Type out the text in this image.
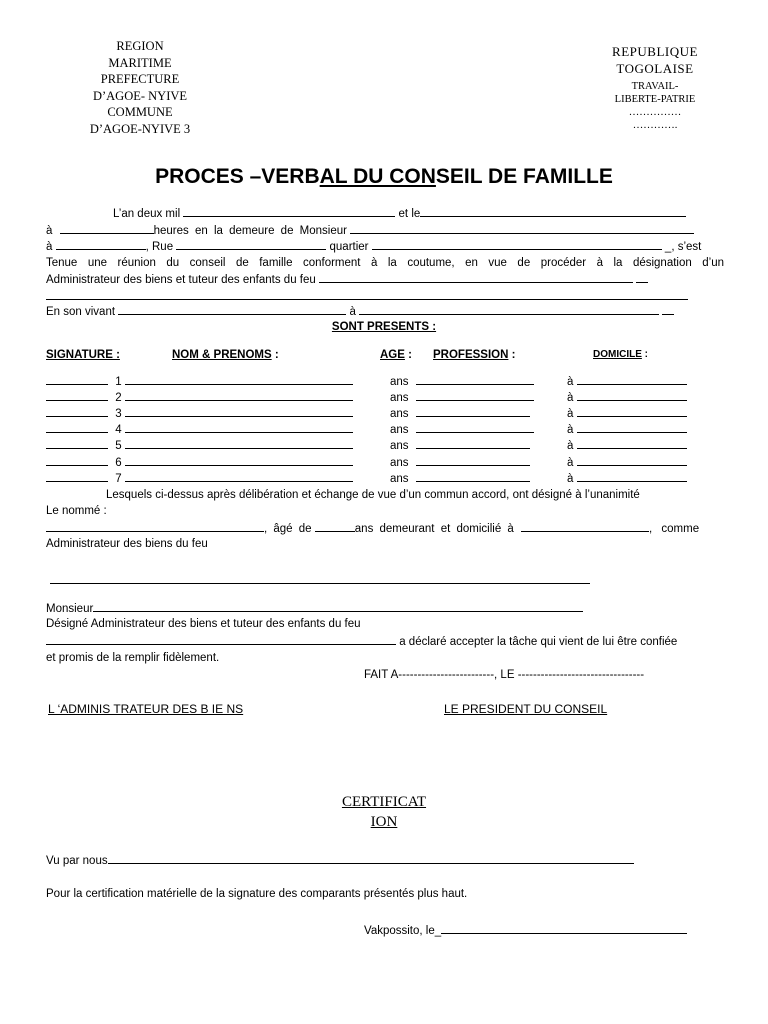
REGION
MARITIME
PREFECTURE
D’AGOE- NYIVE
COMMUNE
D’AGOE-NYIVE 3
REPUBLIQUE
TOGOLAISE
TRAVAIL-
LIBERTE-PATRIE
……………
………….
PROCES –VERBAL DU CONSEIL DE FAMILLE
L’an deux mil	et le
à	heures en la demeure de Monsieur
à	, Rue	quartier	_, s’est
Tenue une réunion du conseil de famille conforment à la coutume, en vue de procéder à la désignation d’un
Administrateur des biens et tuteur des enfants du feu
En son vivant	à
SONT PRESENTS :
SIGNATURE :	NOM & PRENOMS :	AGE : PROFESSION :	DOMICILE :
1	ans	à
2	ans	à
3	ans	à
4	ans	à
5	ans	à
6	ans	à
7	ans	à
Lesquels ci-dessus après délibération et échange de vue d’un commun accord, ont désigné à l’unanimité
Le nommé :
, âgé de	ans demeurant et domicilié à	, comme
Administrateur des biens du feu
Monsieur
Désigné Administrateur des biens et tuteur des enfants du feu
a déclaré accepter la tâche qui vient de lui être confiée
et promis de la remplir fidèlement.
FAIT A-------------------------, LE ---------------------------------
L ‘ADMINIS TRATEUR DES B IE NS	LE PRESIDENT DU CONSEIL
CERTIFICAT
ION
Vu par nous
Pour la certification matérielle de la signature des comparants présentés plus haut.
Vakpossito, le_
